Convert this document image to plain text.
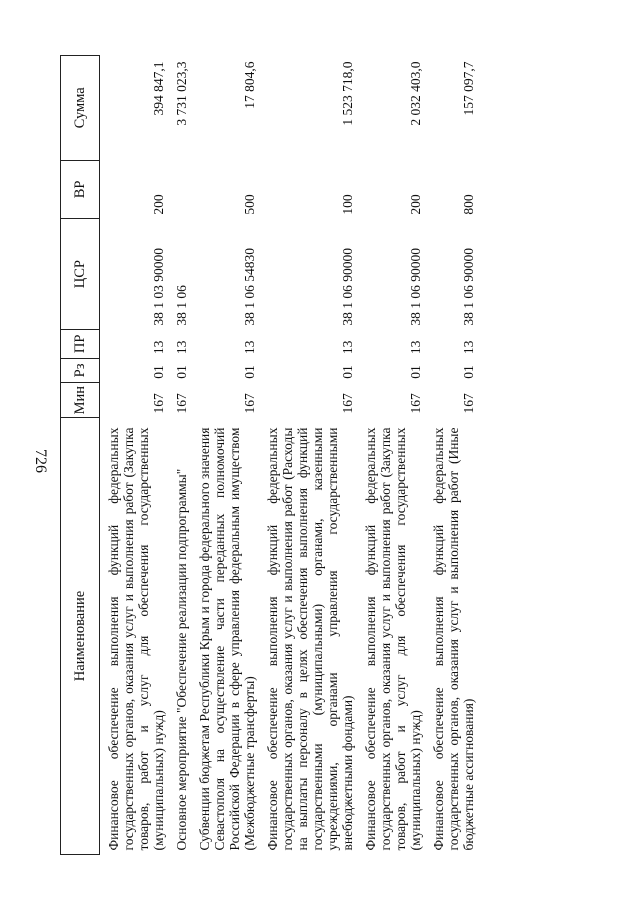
726
Наименование	Мин	Рз	ПР	ЦСР	ВР	Сумма
Финансовое обеспечение выполнения функций федеральных государственных органов, оказания услуг и выполнения работ (Закупка товаров, работ и услуг для обеспечения государственных (муниципальных) нужд)	167	01	13	38 1 03 90000	200	394 847,1
Основное мероприятие "Обеспечение реализации подпрограммы"	167	01	13	38 1 06		3 731 023,3
Субвенции бюджетам Республики Крым и города федерального значения Севастополя на осуществление части переданных полномочий Российской Федерации в сфере управления федеральным имуществом (Межбюджетные трансферты)	167	01	13	38 1 06 54830	500	17 804,6
Финансовое обеспечение выполнения функций федеральных государственных органов, оказания услуг и выполнения работ (Расходы на выплаты персоналу в целях обеспечения выполнения функций государственными (муниципальными) органами, казенными учреждениями, органами управления государственными внебюджетными фондами)	167	01	13	38 1 06 90000	100	1 523 718,0
Финансовое обеспечение выполнения функций федеральных государственных органов, оказания услуг и выполнения работ (Закупка товаров, работ и услуг для обеспечения государственных (муниципальных) нужд)	167	01	13	38 1 06 90000	200	2 032 403,0
Финансовое обеспечение выполнения функций федеральных государственных органов, оказания услуг и выполнения работ (Иные бюджетные ассигнования)	167	01	13	38 1 06 90000	800	157 097,7
